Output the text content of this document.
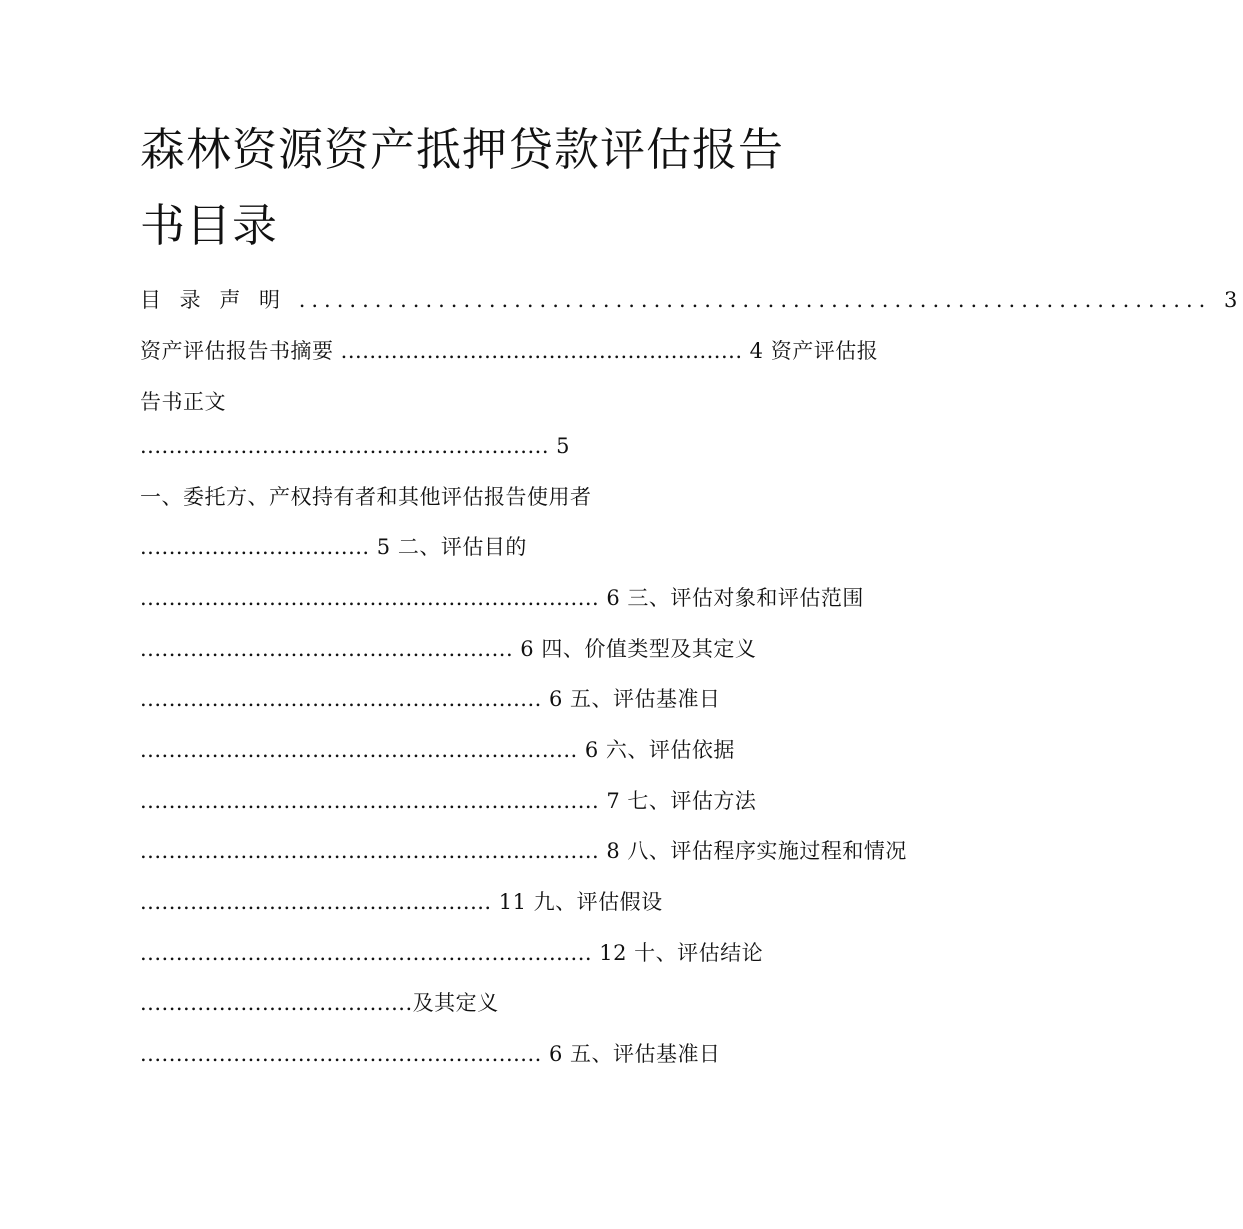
森林资源资产抵押贷款评估报告书目录
目 录 声 明 ........................................................................ 3
资产评估报告书摘要 ........................................................ 4 资产评估报
告书正文
......................................................... 5
一、委托方、产权持有者和其他评估报告使用者
................................ 5 二、评估目的
................................................................ 6 三、评估对象和评估范围
.................................................... 6 四、价值类型及其定义
........................................................ 6 五、评估基准日
............................................................. 6 六、评估依据
................................................................ 7 七、评估方法
................................................................ 8 八、评估程序实施过程和情况
................................................. 11 九、评估假设
............................................................... 12 十、评估结论
......................................及其定义
........................................................ 6 五、评估基准日
